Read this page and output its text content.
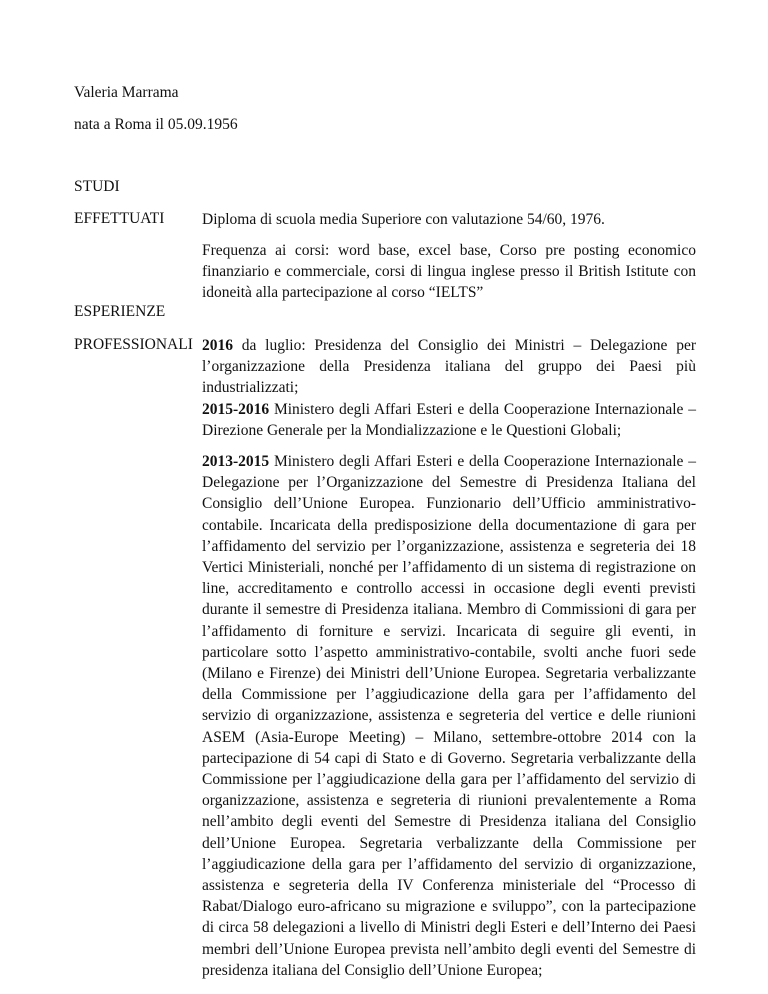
Valeria Marrama
nata a Roma il 05.09.1956
STUDI
EFFETTUATI Diploma di scuola media Superiore con valutazione 54/60, 1976.

Frequenza ai corsi: word base, excel base, Corso pre posting economico finanziario e commerciale, corsi di lingua inglese presso il British Istitute con idoneità alla partecipazione al corso “IELTS”

ESPERIENZE
PROFESSIONALI 2016 da luglio: Presidenza del Consiglio dei Ministri – Delegazione per l’organizzazione della Presidenza italiana del gruppo dei Paesi più industrializzati;

2015-2016 Ministero degli Affari Esteri e della Cooperazione Internazionale – Direzione Generale per la Mondializzazione e le Questioni Globali;

2013-2015 Ministero degli Affari Esteri e della Cooperazione Internazionale – Delegazione per l’Organizzazione del Semestre di Presidenza Italiana del Consiglio dell’Unione Europea. Funzionario dell’Ufficio amministrativo-contabile. Incaricata della predisposizione della documentazione di gara per l’affidamento del servizio per l’organizzazione, assistenza e segreteria dei 18 Vertici Ministeriali, nonché per l’affidamento di un sistema di registrazione on line, accreditamento e controllo accessi in occasione degli eventi previsti durante il semestre di Presidenza italiana. Membro di Commissioni di gara per l’affidamento di forniture e servizi. Incaricata di seguire gli eventi, in particolare sotto l’aspetto amministrativo-contabile, svolti anche fuori sede (Milano e Firenze) dei Ministri dell’Unione Europea. Segretaria verbalizzante della Commissione per l’aggiudicazione della gara per l’affidamento del servizio di organizzazione, assistenza e segreteria del vertice e delle riunioni ASEM (Asia-Europe Meeting) – Milano, settembre-ottobre 2014 con la partecipazione di 54 capi di Stato e di Governo. Segretaria verbalizzante della Commissione per l’aggiudicazione della gara per l’affidamento del servizio di organizzazione, assistenza e segreteria di riunioni prevalentemente a Roma nell’ambito degli eventi del Semestre di Presidenza italiana del Consiglio dell’Unione Europea. Segretaria verbalizzante della Commissione per l’aggiudicazione della gara per l’affidamento del servizio di organizzazione, assistenza e segreteria della IV Conferenza ministeriale del “Processo di Rabat/Dialogo euro-africano su migrazione e sviluppo”, con la partecipazione di circa 58 delegazioni a livello di Ministri degli Esteri e dell’Interno dei Paesi membri dell’Unione Europea prevista nell’ambito degli eventi del Semestre di presidenza italiana del Consiglio dell’Unione Europea;
